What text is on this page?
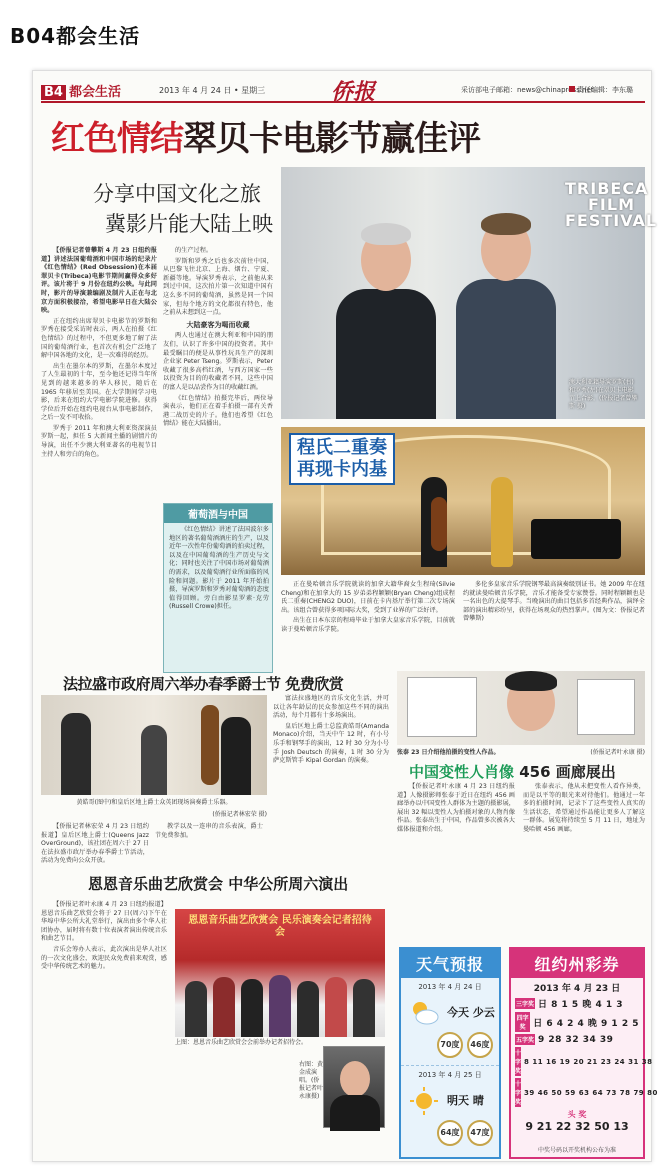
B04都会生活
B4 都会生活	2013 年 4 月 24 日 • 星期三	侨报	采访部电子邮箱：news@chinapress.net
责任编辑：李东璐
红色情结翠贝卡电影节赢佳评
分享中国文化之旅
冀影片能大陆上映

【侨报记者曾攀斯 4 月 23 日纽约报道】讲述法国葡萄酒和中国市场的纪录片《红色情结》(Red Obsession)在本届翠贝卡(Tribeca)电影节期间赢得众多好评。该片将于 9 月份在纽约公映。与此同时，影片的导演兼编剧及制片人正在与北京方面积极接洽，希望电影早日在大陆公映。

正在纽约出席翠贝卡电影节的罗斯和罗秀在接受采访时表示，两人在拍摄《红色情结》的过程中，不但更多地了解了法国的葡萄酒行业，也首次有机会广泛地了解中国各地的文化，是一次难得的经历。

出生在墨尔本的罗斯，在墨尔本度过了人生最初的十年，至今他还记得当年所见到的越来越多的华人移民，随后在 1965 年移居至美国。在大学期间学习电影，后来在纽约大学电影学院进修。获得学位后开始在纽约电视台从事电影制作，之后一发不可收拾。

罗秀于 2011 年和澳大利亚资深演员罗斯一起，担任 5 大新闻主播的剧情片的导演，出任不少澳大利亚著名的电视节目主持人和旁白的角色。

的生产过程。

罗斯和罗秀之后也多次前往中国，从巴黎飞往北京、上海、烟台、宁夏、新疆等地。导演罗秀表示，之前他从来到过中国，这次拍片第一次知道中国有这么多不同的葡萄酒，虽然是同一个国家，但每个地方的文化都很有特色，他之前从未想到这一点。

大陆豪客为喝而收藏

两人也通过在澳大利亚和中国的朋友们，认识了许多中国的投资者。其中最受瞩目的便是从事性玩具生产的深圳企业家 Peter Tseng。罗斯表示，Peter 收藏了很多高档红酒，与西方国家一些以投资为目的的收藏者不同，这些中国的富人是以品尝作为目的收藏红酒。

《红色情结》拍摄完毕后，两位导演表示，他们正在着手拍摄一部有关香港二战历史的片子。他们也希望《红色情结》能在大陆播出。

TRIBECA FILM FESTIVAL
澳大利亚籍导演罗斯(右)和罗秀(左)在翠贝卡电影节上合影。(侨报记者曾攀斯 摄)
程氏二重奏
再现卡内基

正在曼哈顿音乐学院就读的加拿大籍华裔女生程琦(Silvie Cheng)和在加拿大的 15 岁弟弟程颖颖(Bryan Cheng)组成程氏二重奏(CHENG2 DUO)，日前在卡内基厅举行第二次专场演出。该组合曾获得多项国际大奖，受到了业界的广泛好评。

出生在日本东京的程琦毕业于加拿大皇家音乐学院，目前就读于曼哈顿音乐学院。

多伦多皇家音乐学院钢琴最高演奏级别证书。她 2009 年在纽约就读曼哈顿音乐学院，音乐才能备受专家赞誉。同时程颖颖也是一名出色的大提琴手。当晚演出的曲目包括多首经典作品，演绎全部的演出精彩纷呈，获得在场观众的热烈掌声。(图为文：侨报记者曾攀斯)

葡萄酒与中国

《红色情结》讲述了法国波尔多地区的著名葡萄酒酒庄的生产，以及近年一次性年份葡萄酒的拍卖过程，以及在中国葡萄酒的生产历史与文化；同时也关注了中国市场对葡萄酒的需求，以及葡萄酒行业所面临的风险和问题。影片于 2011 年开始拍摄，导演罗斯和罗秀对葡萄酒的态度值得回顾。旁白由影星罗素·克劳(Russell Crowe)担任。

法拉盛市政府周六举办春季爵士节 免费欣赏
黄皓哥(图中)和皇后区地上爵士众英团现场演奏爵士乐器。
(侨报记者林宏荣 摄)

【侨报记者林宏荣 4 月 23 日纽约报道】皇后区地上爵士(Queens Jazz OverGround)，该社团在周六于 27 日在法拉盛市政厅举办春季爵士节活动，活动为免费向公众开放。

教学以及一连串的音乐表演，爵士节免费参加。

富法拉盛地区的音乐文化生活，并可以让各年龄层的民众参加这些不同的演出活动，每个月都有十多场演出。

皇后区地上爵士总监黄皓哥(Amanda Monaco)介绍，当天中午 12 时，有小号乐手和钢琴手的演出，12 时 30 分为小号手 Josh Deutsch 的演奏，1 时 30 分为萨克斯管手 Kipal Gordan 的演奏。

(侨报记者叶永康 摄)
张泰 23 日介绍他拍摄的变性人作品。
中国变性人肖像 456 画廊展出

【侨报记者叶永康 4 月 23 日纽约报道】人像摄影师张泰于近日在纽约 456 画廊举办以中国变性人群体为主题的摄影展，展出 32 幅以变性人为拍摄对象的人物肖像作品。张泰出生于中国，作品曾多次被各大媒体报道和介绍。

张泰表示，他从未把变性人看作异类，而是以平等的眼光来对待他们。他通过一年多的拍摄时间，记录下了这些变性人真实的生活状态，希望通过作品能让更多人了解这一群体。展览将持续至 5 月 11 日，地址为曼哈顿 456 画廊。

恩恩音乐曲艺欣赏会 中华公所周六演出

【侨报记者叶永康 4 月 23 日纽约报道】恩恩音乐曲艺欣赏会将于 27 日(周六)下午在华埠中华公所大礼堂举行，演出由多个华人社团协办，届时将有数十位表演者演出传统音乐和曲艺节目。

音乐会筹办人表示，此次演出是华人社区的一次文化盛会，欢迎民众免费前来观赏，感受中华传统艺术的魅力。

恩恩音乐曲艺欣赏会 民乐演奏会记者招待会
上图：恩恩音乐曲艺欣赏会会前举办记者招待会。
右图：黄金成演唱。(侨报记者叶永康摄)
天气预报
2013 年 4 月 24 日
今天 少云
70度	46度
2013 年 4 月 25 日
明天 晴
64度	47度
纽约州彩券
2013 年 4 月 23 日
三字奖 日 8 1 5 晚 4 1 3
四字奖 日 6 4 2 4 晚 9 1 2 5
五字奖 9 28 32 34 39
十字奖
8 11 16 19 20 21 23 24 31 38
十字奖
39 46 50 59 63 64 73 78 79 80
头 奖
9 21 22 32 50 13
中奖号码以开奖机构公布为准
